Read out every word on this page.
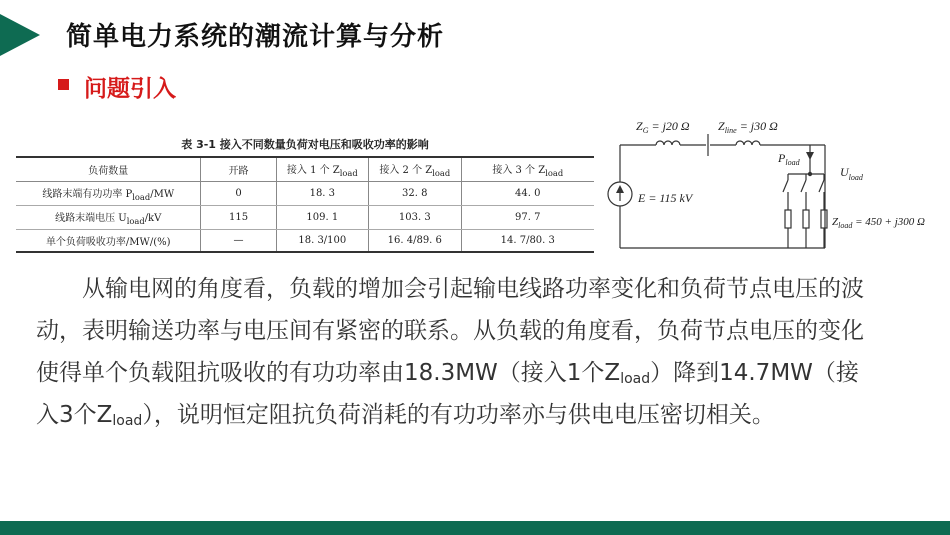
简单电力系统的潮流计算与分析
问题引入
表 3-1 接入不同数量负荷对电压和吸收功率的影响
负荷数量	开路	接入 1 个 $Z_{load}$	接入 2 个 $Z_{load}$	接入 3 个 $Z_{load}$
线路末端有功功率 $P_{load}/MW$	0	18. 3	32. 8	44. 0
线路末端电压 $U_{load}/kV$	115	109. 1	103. 3	97. 7
单个负荷吸收功率/MW/(%)	—	18. 3/100	16. 4/89. 6	14. 7/80. 3
$Z_G = j20$ Ω $Z_{line} = j30$ Ω
E = 115 kV
$P_{load}$
$U_{load}$
$Z_{load} = 450 + j300$ Ω
从输电网的角度看，负载的增加会引起输电线路功率变化和负荷节点电压的波动，表明输送功率与电压间有紧密的联系。从负载的角度看，负荷节点电压的变化使得单个负载阻抗吸收的有功功率由18.3MW（接入1个$Z_{load}$）降到14.7MW（接入3个$Z_{load}$），说明恒定阻抗负荷消耗的有功功率亦与供电电压密切相关。
